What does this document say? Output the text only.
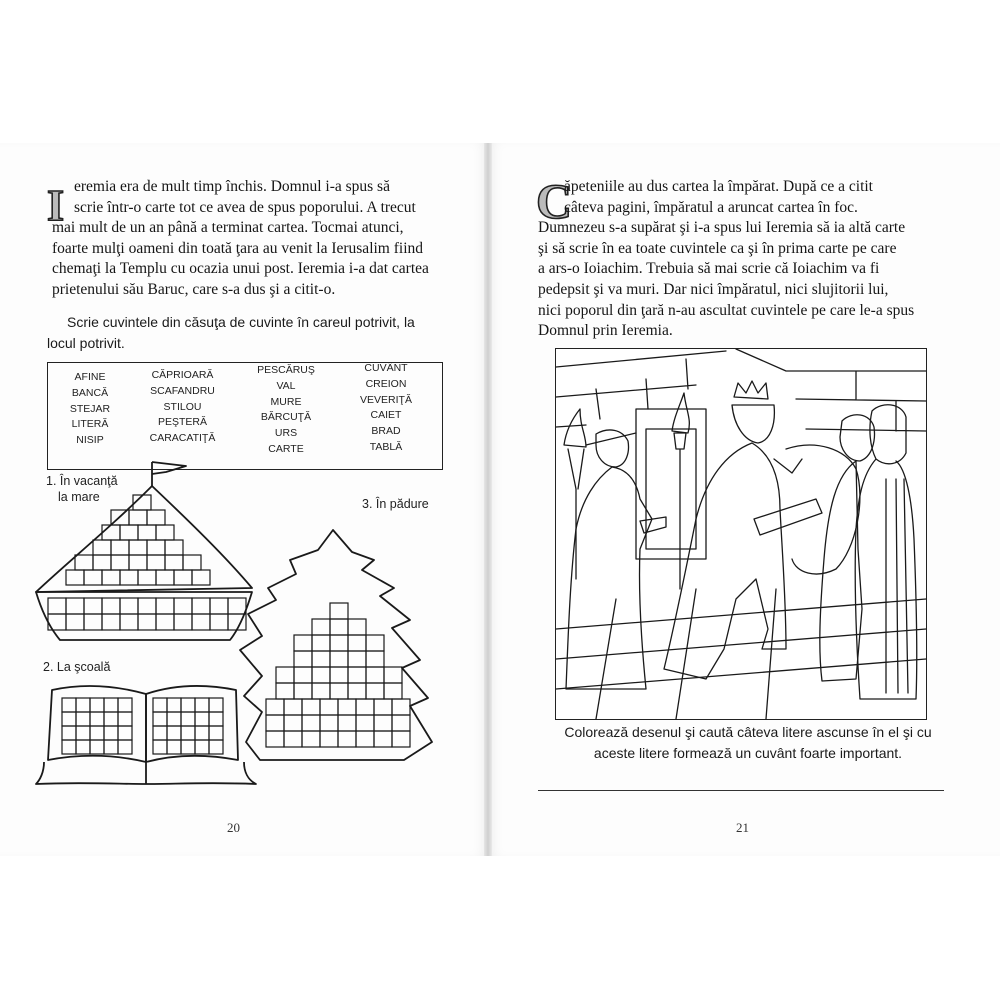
I eremia era de mult timp închis. Domnul i-a spus să
scrie într-o carte tot ce avea de spus poporului. A trecut
mai mult de un an până a terminat cartea. Tocmai atunci,
foarte mulţi oameni din toată ţara au venit la Ierusalim fiind
chemaţi la Templu cu ocazia unui post. Ieremia i-a dat cartea
prietenului său Baruc, care s-a dus şi a citit-o.
Scrie cuvintele din căsuţa de cuvinte în careul potrivit, la
locul potrivit.
AFINE
BANCĂ
STEJAR
LITERĂ
NISIP
CĂPRIOARĂ
SCAFANDRU
STILOU
PEŞTERĂ
CARACATIŢĂ
PESCĂRUŞ
VAL
MURE
BĂRCUŢĂ
URS
CARTE
CUVÂNT
CREION
VEVERIŢĂ
CAIET
BRAD
TABLĂ
1. În vacanţă
la mare	3. În pădure
2. La şcoală
20
C
ăpeteniile au dus cartea la împărat. După ce a citit
câteva pagini, împăratul a aruncat cartea în foc.
Dumnezeu s-a supărat şi i-a spus lui Ieremia să ia altă carte
şi să scrie în ea toate cuvintele ca şi în prima carte pe care
a ars-o Ioiachim. Trebuia să mai scrie că Ioiachim va fi
pedepsit şi va muri. Dar nici împăratul, nici slujitorii lui,
nici poporul din ţară n-au ascultat cuvintele pe care le-a spus
Domnul prin Ieremia.
Colorează desenul şi caută câteva litere ascunse în el şi cu
aceste litere formează un cuvânt foarte important.
21
